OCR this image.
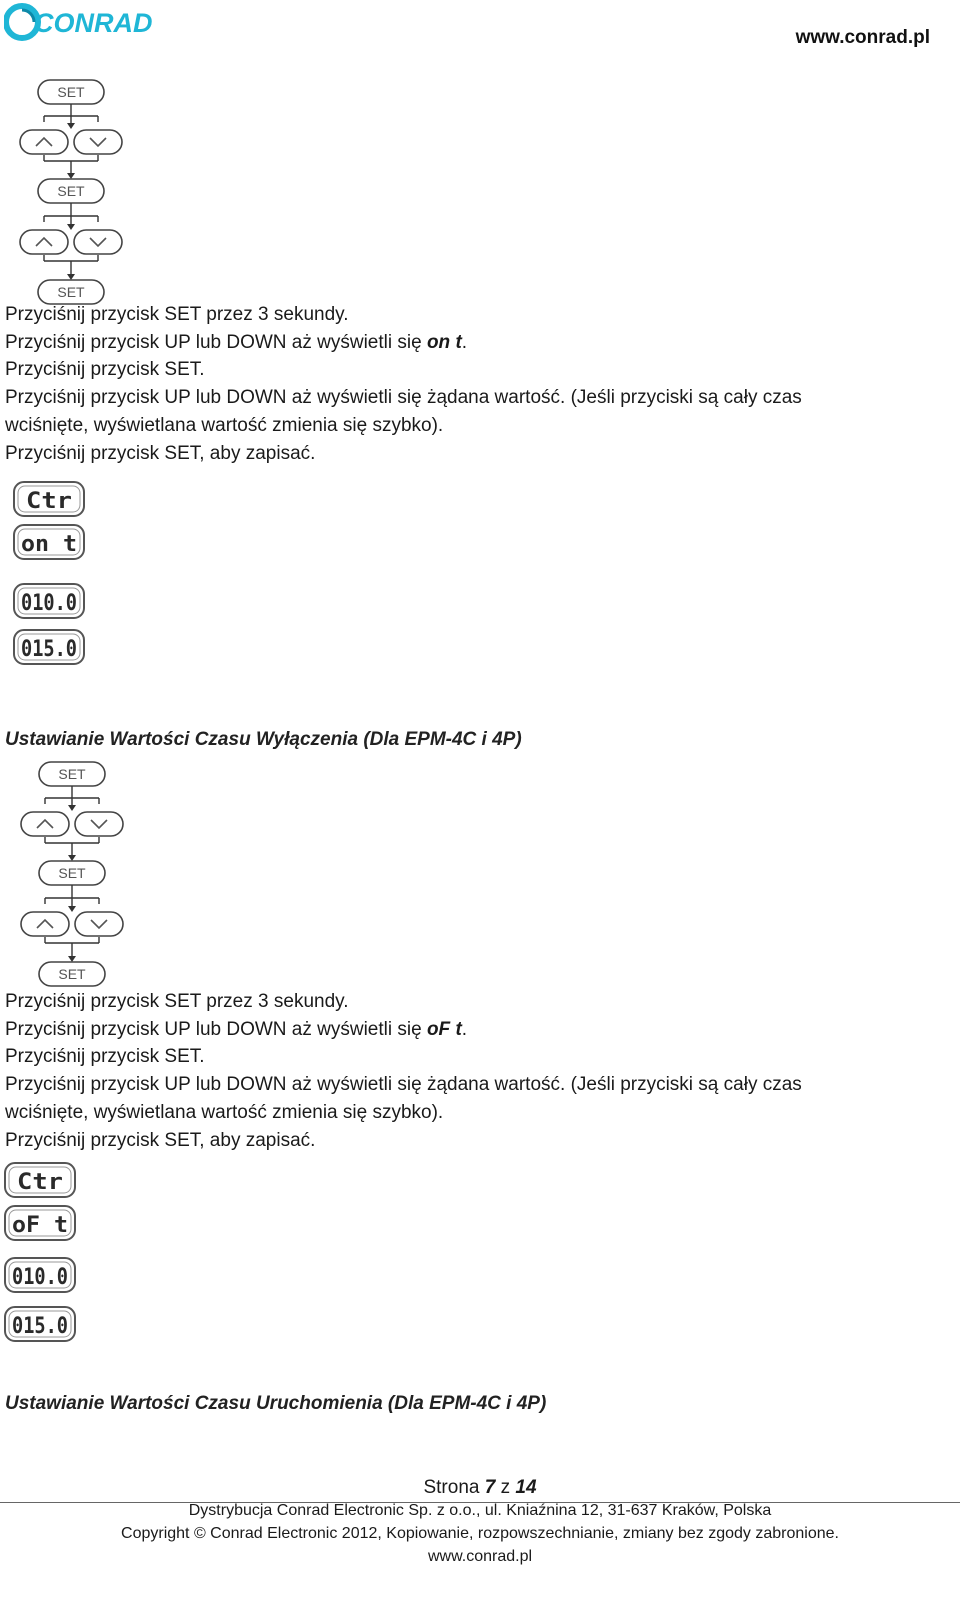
CONRAD	www.conrad.pl
SET
SET
SET
Przyciśnij przycisk SET przez 3 sekundy.
Przyciśnij przycisk UP lub DOWN aż wyświetli się on t.
Przyciśnij przycisk SET.
Przyciśnij przycisk UP lub DOWN aż wyświetli się żądana wartość. (Jeśli przyciski są cały czas
wciśnięte, wyświetlana wartość zmienia się szybko).
Przyciśnij przycisk SET, aby zapisać.
Ctr
on t
010.0
015.0
Ustawianie Wartości Czasu Wyłączenia (Dla EPM-4C i 4P)
SET
SET
SET
Przyciśnij przycisk SET przez 3 sekundy.
Przyciśnij przycisk UP lub DOWN aż wyświetli się oF t.
Przyciśnij przycisk SET.
Przyciśnij przycisk UP lub DOWN aż wyświetli się żądana wartość. (Jeśli przyciski są cały czas
wciśnięte, wyświetlana wartość zmienia się szybko).
Przyciśnij przycisk SET, aby zapisać.
Ctr
oF t
010.0
015.0
Ustawianie Wartości Czasu Uruchomienia (Dla EPM-4C i 4P)
Strona 7 z 14
Dystrybucja Conrad Electronic Sp. z o.o., ul. Kniaźnina 12, 31-637 Kraków, Polska
Copyright © Conrad Electronic 2012, Kopiowanie, rozpowszechnianie, zmiany bez zgody zabronione.
www.conrad.pl
